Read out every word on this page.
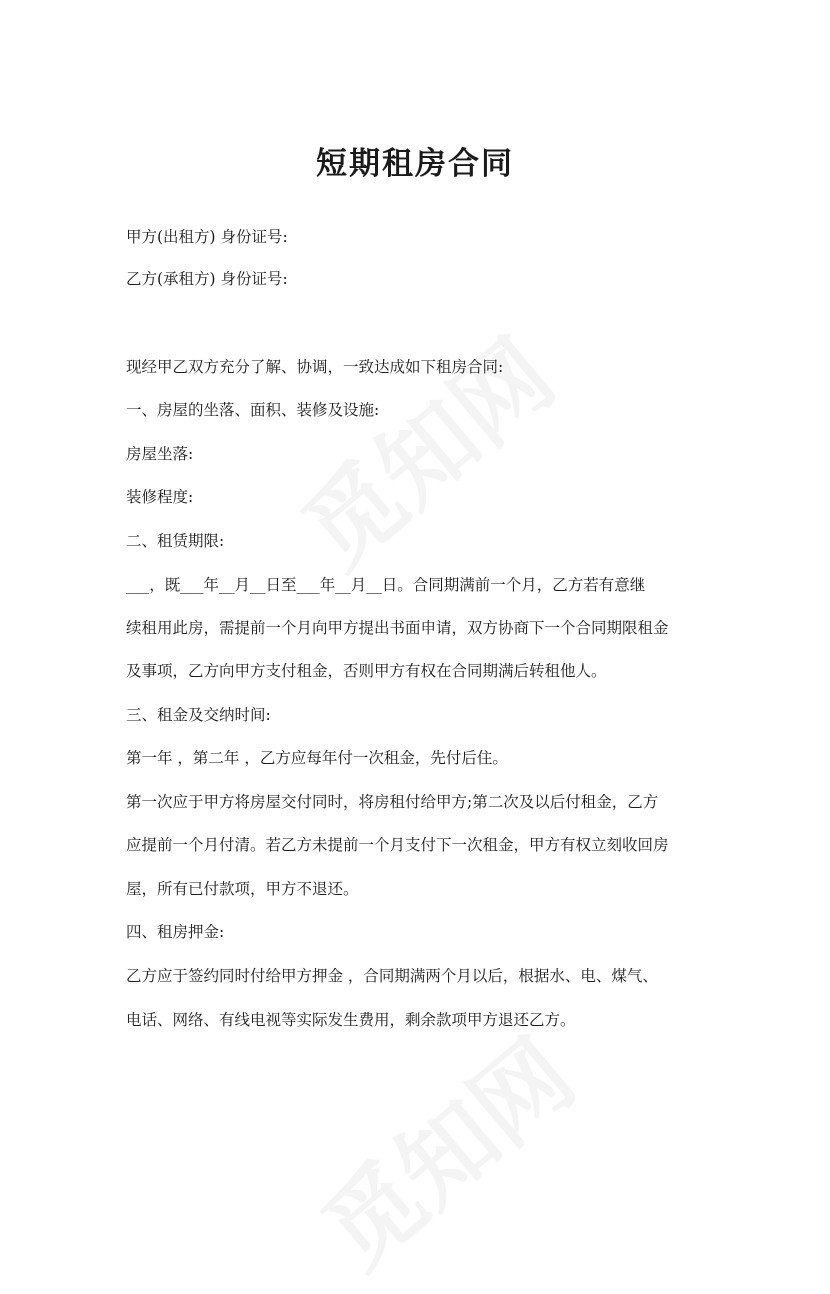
短期租房合同

甲方(出租方) 身份证号:

乙方(承租方) 身份证号:

现经甲乙双方充分了解、协调，一致达成如下租房合同:

一、房屋的坐落、面积、装修及设施:

房屋坐落:

装修程度:

二、租赁期限:

___，既___年__月__日至___年__月__日。合同期满前一个月，乙方若有意继

续租用此房，需提前一个月向甲方提出书面申请，双方协商下一个合同期限租金

及事项，乙方向甲方支付租金，否则甲方有权在合同期满后转租他人。

三、租金及交纳时间:

第一年 ，第二年 ，乙方应每年付一次租金，先付后住。

第一次应于甲方将房屋交付同时，将房租付给甲方;第二次及以后付租金，乙方

应提前一个月付清。若乙方未提前一个月支付下一次租金，甲方有权立刻收回房

屋，所有已付款项，甲方不退还。

四、租房押金:

乙方应于签约同时付给甲方押金 ，合同期满两个月以后，根据水、电、煤气、

电话、网络、有线电视等实际发生费用，剩余款项甲方退还乙方。
